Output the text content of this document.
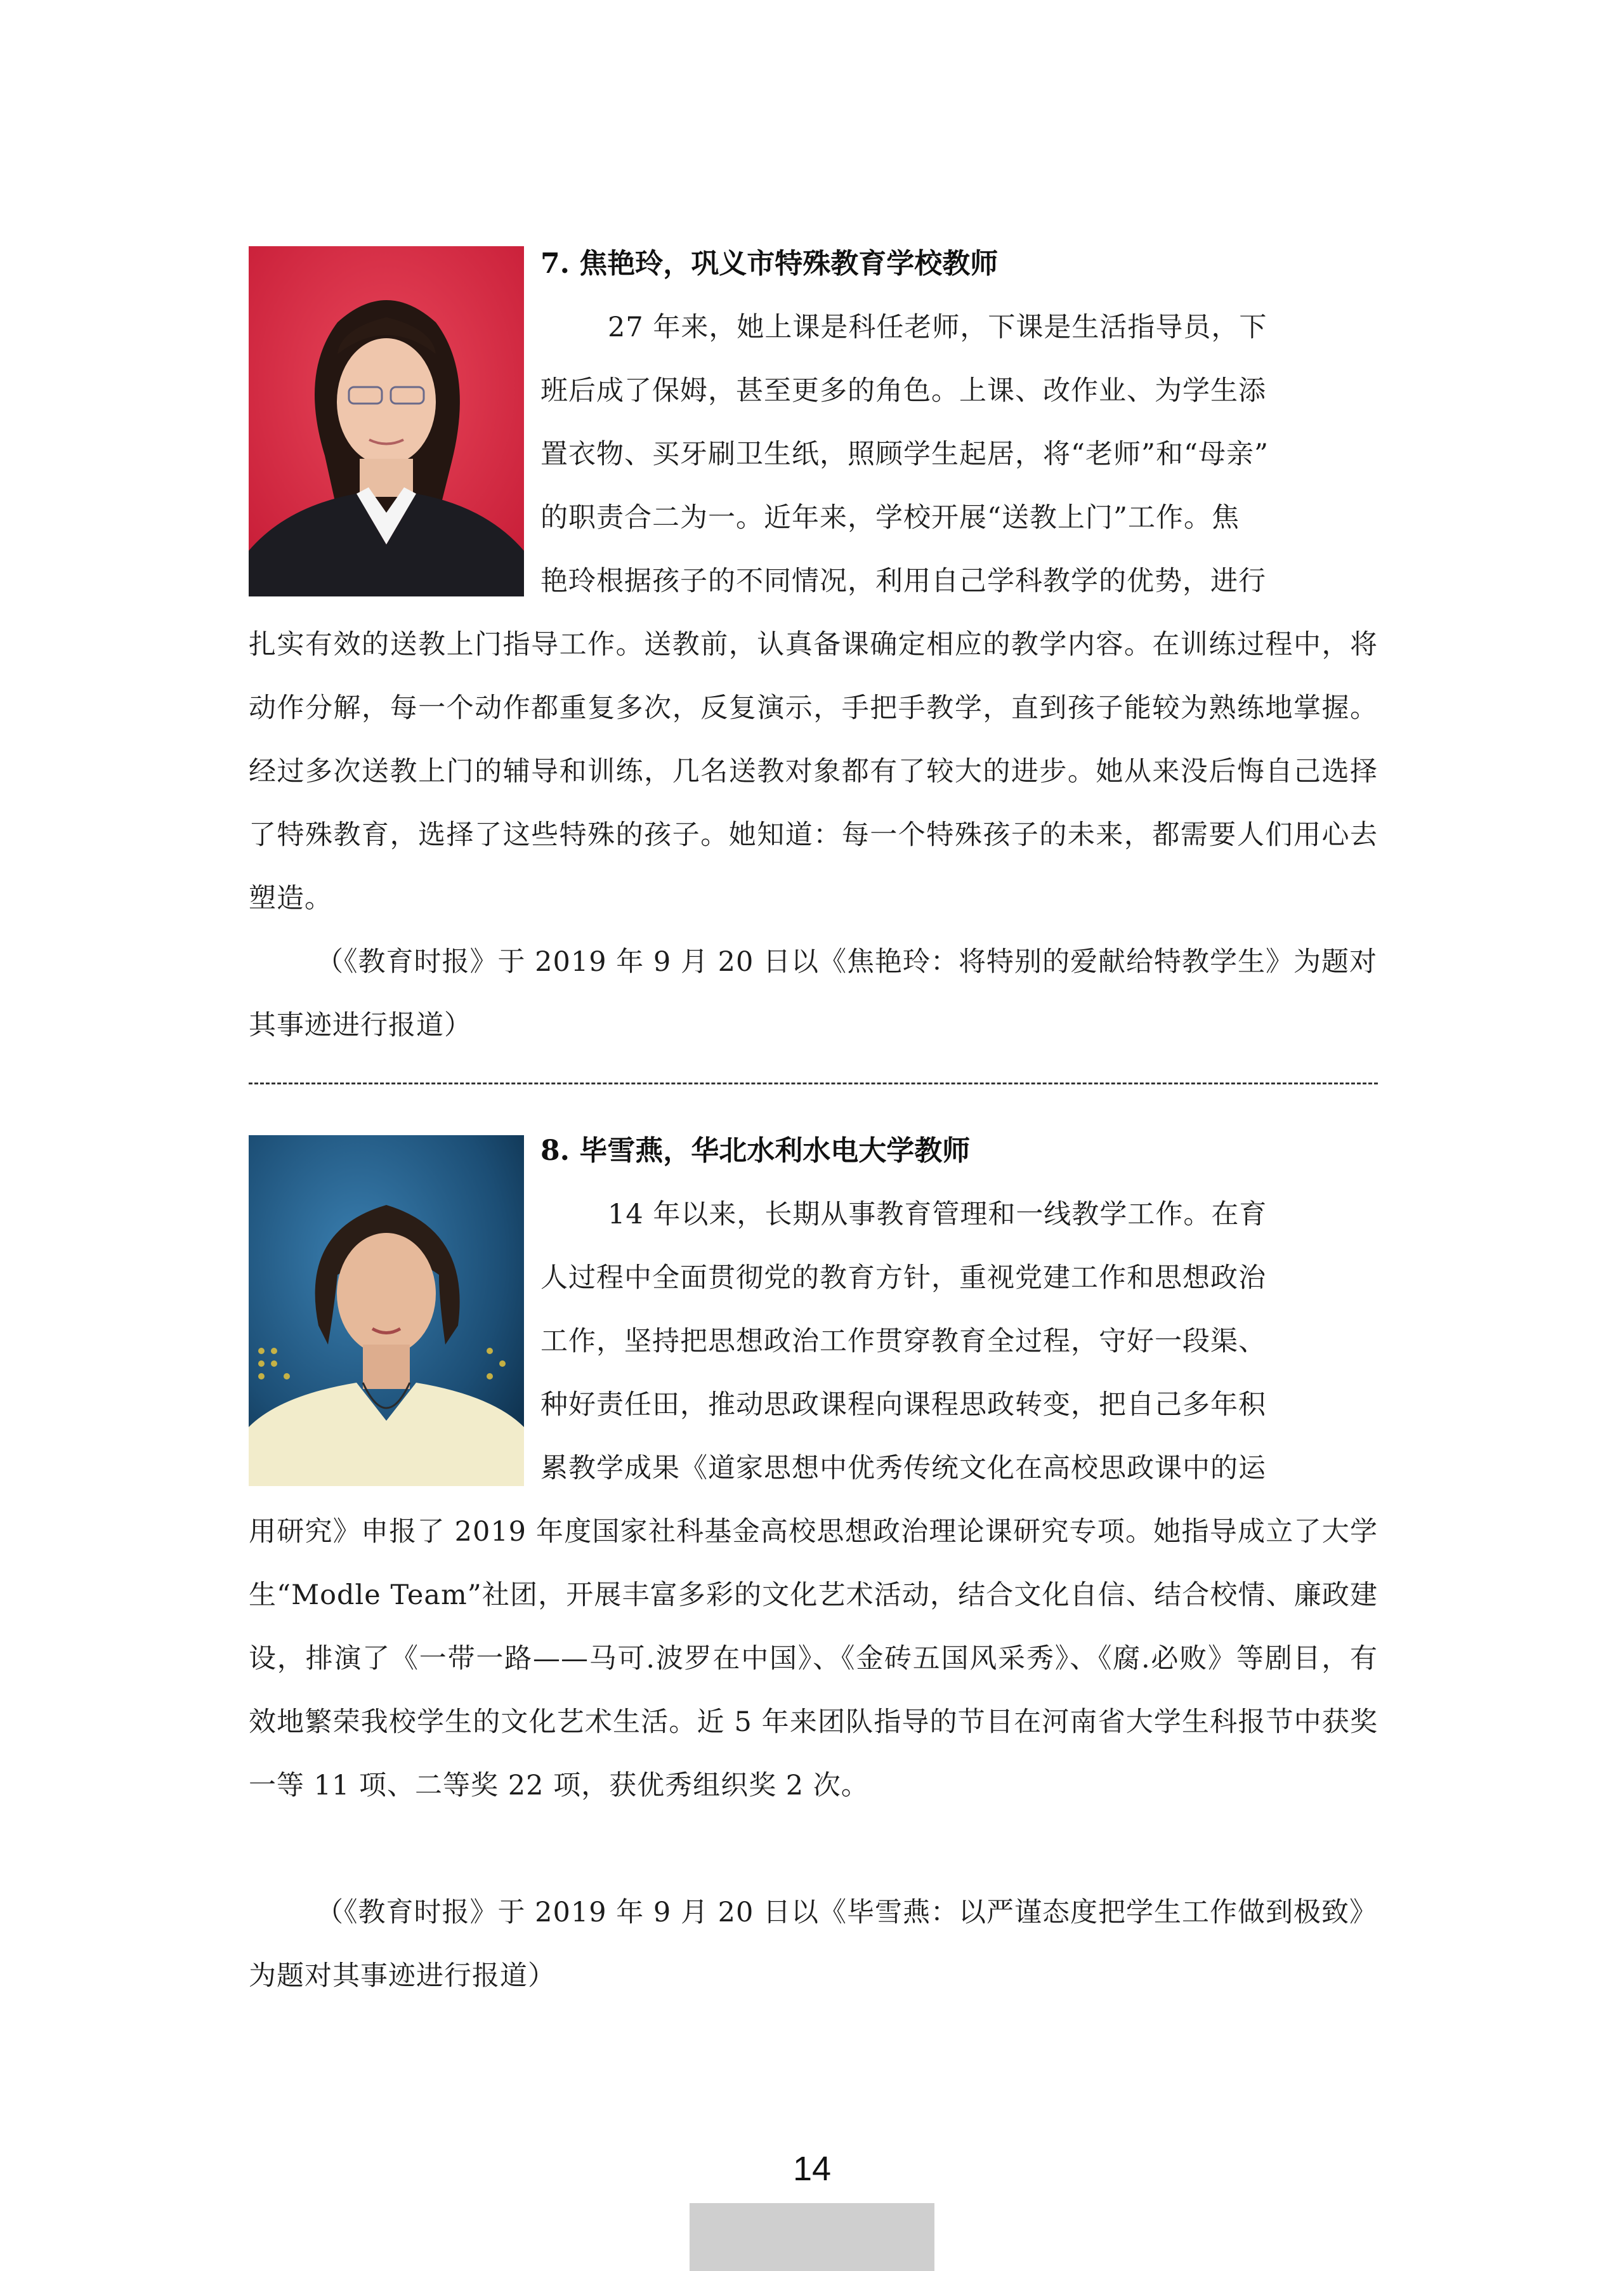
7. 焦艳玲，巩义市特殊教育学校教师

27 年来，她上课是科任老师，下课是生活指导员，下

班后成了保姆，甚至更多的角色。上课、改作业、为学生添

置衣物、买牙刷卫生纸，照顾学生起居，将“老师”和“母亲”

的职责合二为一。近年来，学校开展“送教上门”工作。焦

艳玲根据孩子的不同情况，利用自己学科教学的优势，进行

扎实有效的送教上门指导工作。送教前，认真备课确定相应的教学内容。在训练过程中，将动作分解，每一个动作都重复多次，反复演示，手把手教学，直到孩子能较为熟练地掌握。经过多次送教上门的辅导和训练，几名送教对象都有了较大的进步。她从来没后悔自己选择了特殊教育，选择了这些特殊的孩子。她知道：每一个特殊孩子的未来，都需要人们用心去塑造。

（《教育时报》于 2019 年 9 月 20 日以《焦艳玲：将特别的爱献给特教学生》为题对其事迹进行报道）

8. 毕雪燕，华北水利水电大学教师

14 年以来，长期从事教育管理和一线教学工作。在育

人过程中全面贯彻党的教育方针，重视党建工作和思想政治

工作，坚持把思想政治工作贯穿教育全过程，守好一段渠、

种好责任田，推动思政课程向课程思政转变，把自己多年积

累教学成果《道家思想中优秀传统文化在高校思政课中的运

用研究》申报了 2019 年度国家社科基金高校思想政治理论课研究专项。她指导成立了大学生“Modle Team”社团，开展丰富多彩的文化艺术活动，结合文化自信、结合校情、廉政建设，排演了《一带一路——马可.波罗在中国》、《金砖五国风采秀》、《腐.必败》等剧目，有效地繁荣我校学生的文化艺术生活。近 5 年来团队指导的节目在河南省大学生科报节中获奖一等 11 项、二等奖 22 项，获优秀组织奖 2 次。

（《教育时报》于 2019 年 9 月 20 日以《毕雪燕：以严谨态度把学生工作做到极致》为题对其事迹进行报道）

14
